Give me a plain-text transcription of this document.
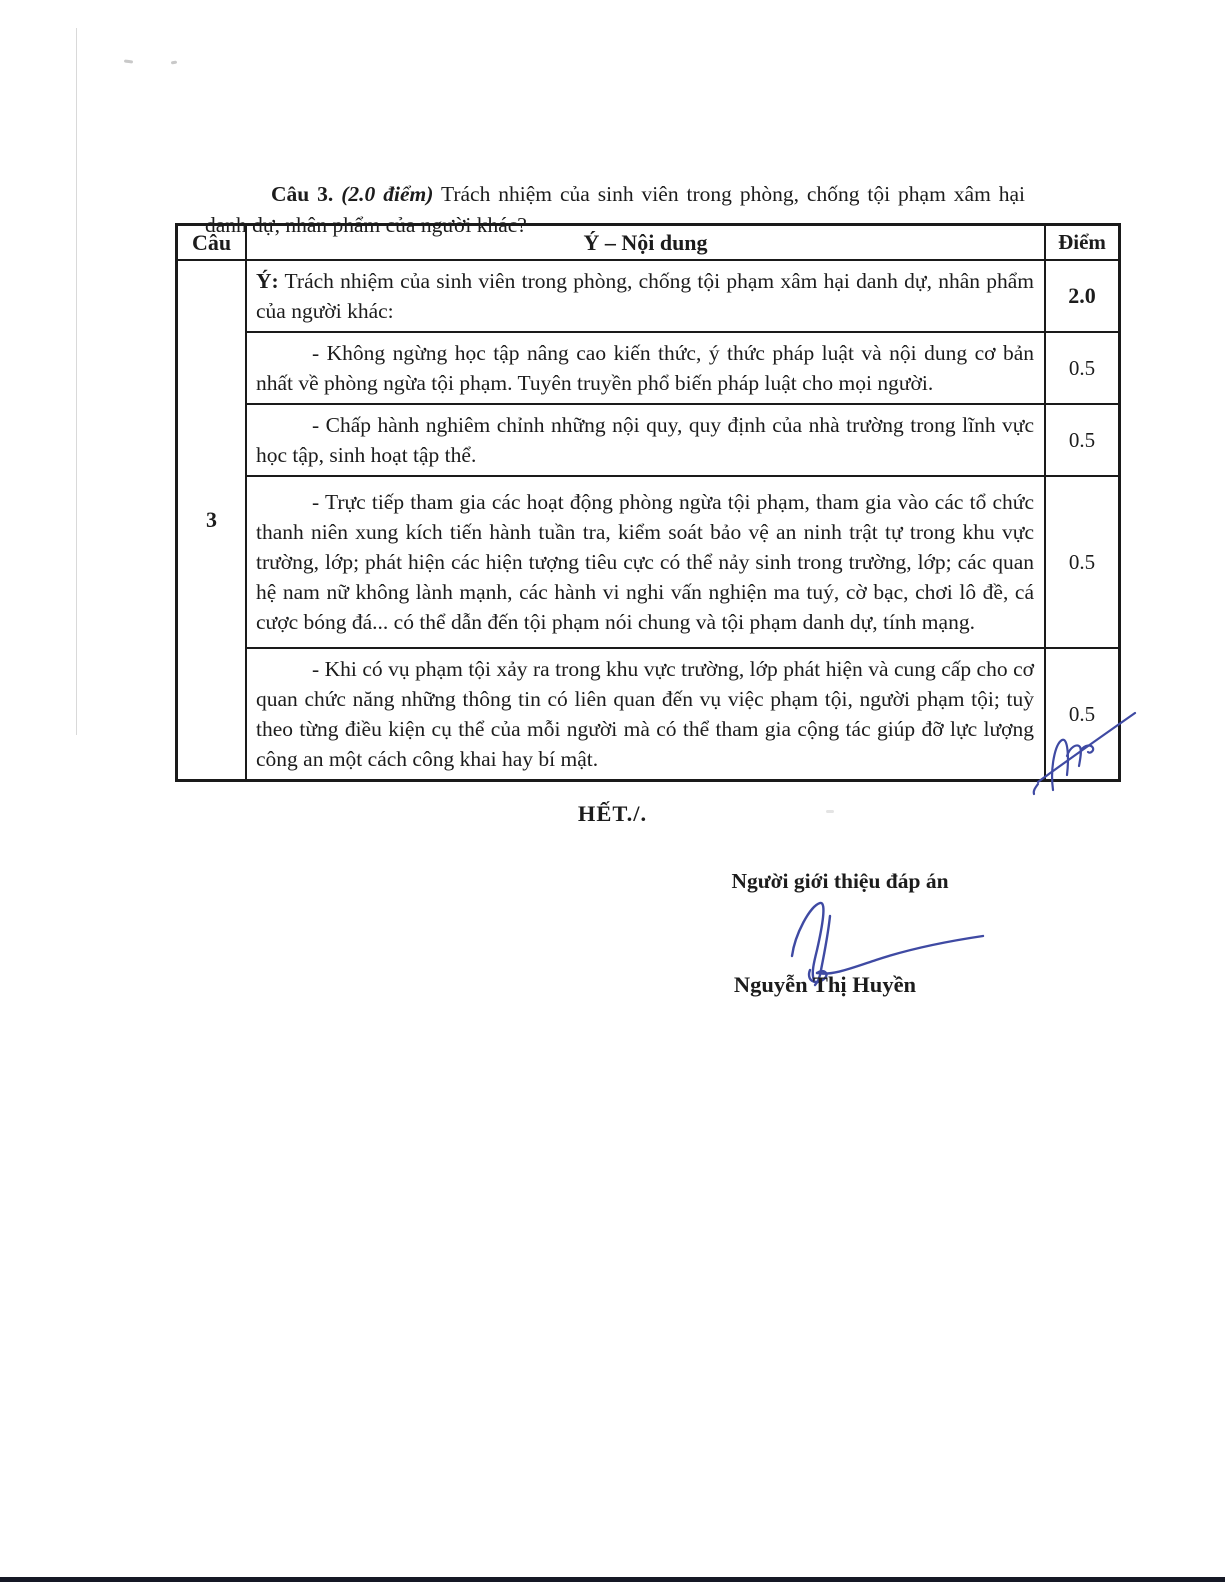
Câu 3. (2.0 điểm) Trách nhiệm của sinh viên trong phòng, chống tội phạm xâm hại danh dự, nhân phẩm của người khác?

Câu	Ý – Nội dung	Điểm
3	Ý: Trách nhiệm của sinh viên trong phòng, chống tội phạm xâm hại danh dự, nhân phẩm của người khác:	2.0
	- Không ngừng học tập nâng cao kiến thức, ý thức pháp luật và nội dung cơ bản nhất về phòng ngừa tội phạm. Tuyên truyền phổ biến pháp luật cho mọi người.	0.5
	- Chấp hành nghiêm chỉnh những nội quy, quy định của nhà trường trong lĩnh vực học tập, sinh hoạt tập thể.	0.5
	- Trực tiếp tham gia các hoạt động phòng ngừa tội phạm, tham gia vào các tổ chức thanh niên xung kích tiến hành tuần tra, kiểm soát bảo vệ an ninh trật tự trong khu vực trường, lớp; phát hiện các hiện tượng tiêu cực có thể nảy sinh trong trường, lớp; các quan hệ nam nữ không lành mạnh, các hành vi nghi vấn nghiện ma tuý, cờ bạc, chơi lô đề, cá cược bóng đá... có thể dẫn đến tội phạm nói chung và tội phạm danh dự, tính mạng.	0.5
	- Khi có vụ phạm tội xảy ra trong khu vực trường, lớp phát hiện và cung cấp cho cơ quan chức năng những thông tin có liên quan đến vụ việc phạm tội, người phạm tội; tuỳ theo từng điều kiện cụ thể của mỗi người mà có thể tham gia cộng tác giúp đỡ lực lượng công an một cách công khai hay bí mật.	0.5
HẾT./.
Người giới thiệu đáp án
Nguyễn Thị Huyền
